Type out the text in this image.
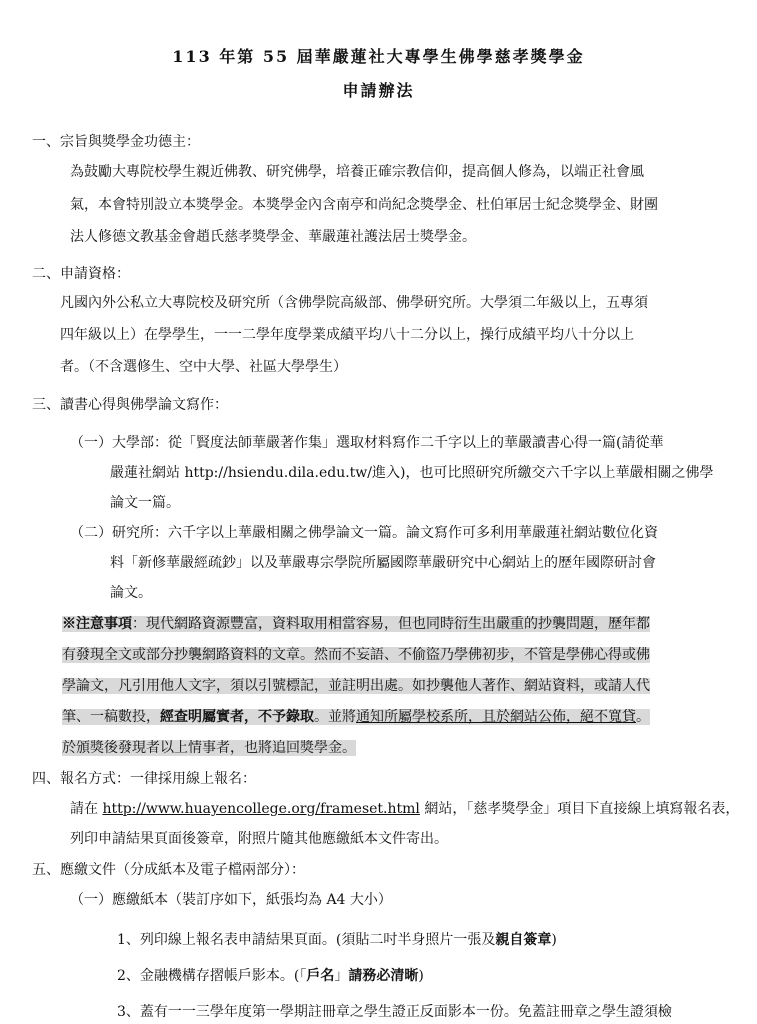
113 年第 55 屆華嚴蓮社大專學生佛學慈孝獎學金
申請辦法
一、宗旨與獎學金功德主：
為鼓勵大專院校學生親近佛教、研究佛學，培養正確宗教信仰，提高個人修為，以端正社會風
氣，本會特別設立本獎學金。本獎學金內含南亭和尚紀念獎學金、杜伯軍居士紀念獎學金、財團
法人修德文教基金會趙氏慈孝獎學金、華嚴蓮社護法居士獎學金。
二、申請資格：
凡國內外公私立大專院校及研究所（含佛學院高級部、佛學研究所。大學須二年級以上，五專須
四年級以上）在學學生，一一二學年度學業成績平均八十二分以上，操行成績平均八十分以上
者。（不含選修生、空中大學、社區大學學生）
三、讀書心得與佛學論文寫作：
（一）大學部：從「賢度法師華嚴著作集」選取材料寫作二千字以上的華嚴讀書心得一篇(請從華
嚴蓮社網站 http://hsiendu.dila.edu.tw/進入)，也可比照研究所繳交六千字以上華嚴相關之佛學
論文一篇。
（二）研究所：六千字以上華嚴相關之佛學論文一篇。論文寫作可多利用華嚴蓮社網站數位化資
料「新修華嚴經疏鈔」以及華嚴專宗學院所屬國際華嚴研究中心網站上的歷年國際研討會
論文。
※注意事項：現代網路資源豐富，資料取用相當容易，但也同時衍生出嚴重的抄襲問題，歷年都
有發現全文或部分抄襲網路資料的文章。然而不妄語、不偷盜乃學佛初步，不管是學佛心得或佛
學論文，凡引用他人文字，須以引號標記，並註明出處。如抄襲他人著作、網站資料，或請人代
筆、一稿數投，經查明屬實者，不予錄取。並將通知所屬學校系所，且於網站公佈，絕不寬貸。
於頒獎後發現者以上情事者，也將追回獎學金。
四、報名方式：一律採用線上報名：
請在 http://www.huayencollege.org/frameset.html 網站，「慈孝獎學金」項目下直接線上填寫報名表，
列印申請結果頁面後簽章，附照片隨其他應繳紙本文件寄出。
五、應繳文件（分成紙本及電子檔兩部分）：
（一）應繳紙本（裝訂序如下，紙張均為 A4 大小）
1、列印線上報名表申請結果頁面。(須貼二吋半身照片一張及親自簽章)
2、金融機構存摺帳戶影本。(「戶名」請務必清晰)
3、蓋有一一三學年度第一學期註冊章之學生證正反面影本一份。免蓋註冊章之學生證須檢
